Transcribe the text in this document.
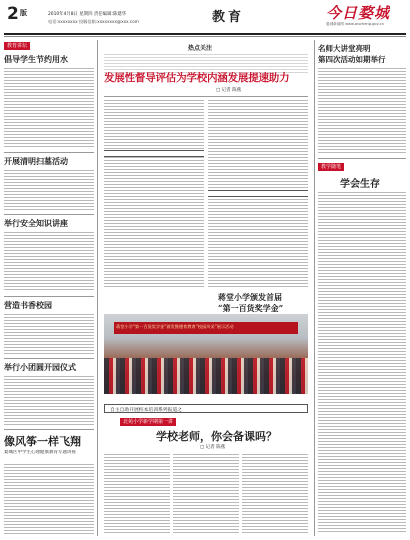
2 版	2010年4月8日 星期四 责任编辑:陈建华
电话:xxxxxxxx 投稿信箱:xxxxxxxx@xxx.com	教育	今日婺城
婺城新闻网 www.wucheng.gov.cn
教育讲坛
倡导学生节约用水
开展清明扫墓活动
举行安全知识讲座
营造书香校园
举行小团圆开园仪式
像风筝一样飞翔
婺城区中学生心理健康教育专题讲座
热点关注
发展性督导评估为学校内涵发展提速助力
□ 记者 陈燕
蒋堂小学颁发首届
“第一百货奖学金”
蒋堂小学“第一百货奖学金”颁发暨德育教育“校园风采”展示活动
自主自助开展校本培训系列报道之
北苑小学新学期第一讲
学校老师，你会备课吗？
□ 记者 陈燕
名师大讲堂亮明
第四次活动如期举行
教学随笔
学会生存
